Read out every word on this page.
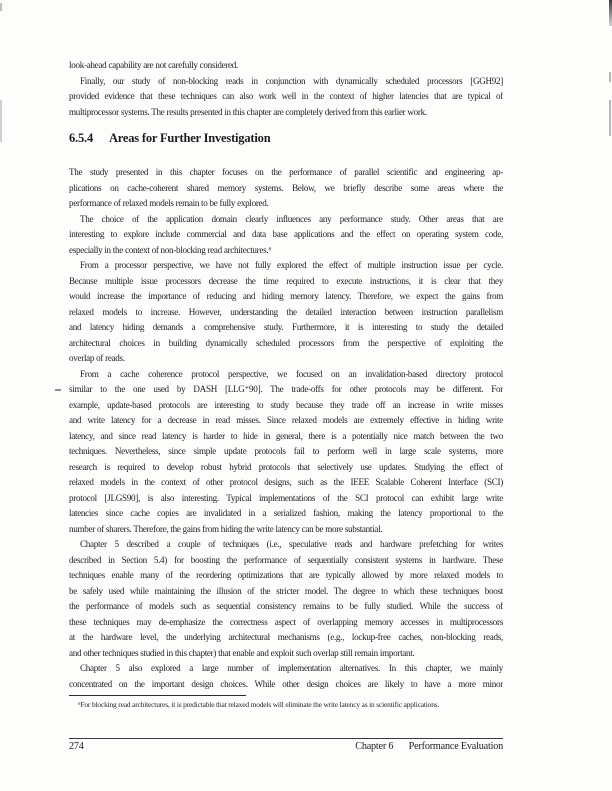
look-ahead capability are not carefully considered.
Finally, our study of non-blocking reads in conjunction with dynamically scheduled processors [GGH92]
provided evidence that these techniques can also work well in the context of higher latencies that are typical of
multiprocessor systems. The results presented in this chapter are completely derived from this earlier work.
6.5.4 Areas for Further Investigation
The study presented in this chapter focuses on the performance of parallel scientific and engineering ap-
plications on cache-coherent shared memory systems. Below, we briefly describe some areas where the
performance of relaxed models remain to be fully explored.
The choice of the application domain clearly influences any performance study. Other areas that are
interesting to explore include commercial and data base applications and the effect on operating system code,
especially in the context of non-blocking read architectures.⁶
From a processor perspective, we have not fully explored the effect of multiple instruction issue per cycle.
Because multiple issue processors decrease the time required to execute instructions, it is clear that they
would increase the importance of reducing and hiding memory latency. Therefore, we expect the gains from
relaxed models to increase. However, understanding the detailed interaction between instruction parallelism
and latency hiding demands a comprehensive study. Furthermore, it is interesting to study the detailed
architectural choices in building dynamically scheduled processors from the perspective of exploiting the
overlap of reads.
From a cache coherence protocol perspective, we focused on an invalidation-based directory protocol
similar to the one used by DASH [LLG⁺90]. The trade-offs for other protocols may be different. For
example, update-based protocols are interesting to study because they trade off an increase in write misses
and write latency for a decrease in read misses. Since relaxed models are extremely effective in hiding write
latency, and since read latency is harder to hide in general, there is a potentially nice match between the two
techniques. Nevertheless, since simple update protocols fail to perform well in large scale systems, more
research is required to develop robust hybrid protocols that selectively use updates. Studying the effect of
relaxed models in the context of other protocol designs, such as the IEEE Scalable Coherent Interface (SCI)
protocol [JLGS90], is also interesting. Typical implementations of the SCI protocol can exhibit large write
latencies since cache copies are invalidated in a serialized fashion, making the latency proportional to the
number of sharers. Therefore, the gains from hiding the write latency can be more substantial.
Chapter 5 described a couple of techniques (i.e., speculative reads and hardware prefetching for writes
described in Section 5.4) for boosting the performance of sequentially consistent systems in hardware. These
techniques enable many of the reordering optimizations that are typically allowed by more relaxed models to
be safely used while maintaining the illusion of the stricter model. The degree to which these techniques boost
the performance of models such as sequential consistency remains to be fully studied. While the success of
these techniques may de-emphasize the correctness aspect of overlapping memory accesses in multiprocessors
at the hardware level, the underlying architectural mechanisms (e.g., lockup-free caches, non-blocking reads,
and other techniques studied in this chapter) that enable and exploit such overlap still remain important.
Chapter 5 also explored a large number of implementation alternatives. In this chapter, we mainly
concentrated on the important design choices. While other design choices are likely to have a more minor
⁶For blocking read architectures, it is predictable that relaxed models will eliminate the write latency as in scientific applications.
274	Chapter 6 Performance Evaluation
